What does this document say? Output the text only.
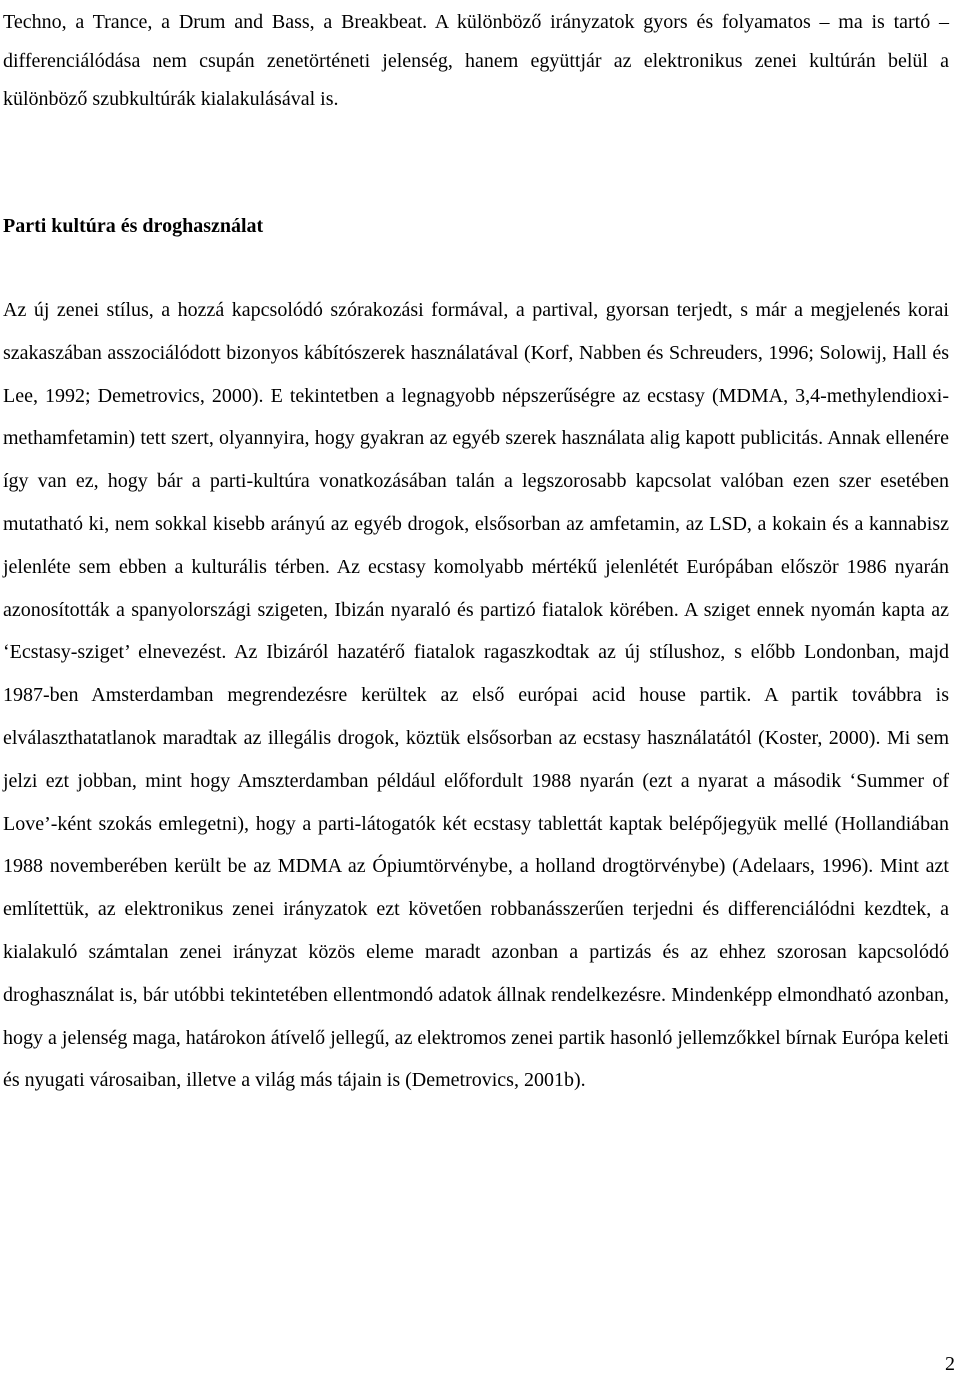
Techno, a Trance, a Drum and Bass, a Breakbeat. A különböző irányzatok gyors és folyamatos – ma is tartó – differenciálódása nem csupán zenetörténeti jelenség, hanem együttjár az elektronikus zenei kultúrán belül a különböző szubkultúrák kialakulásával is.

Parti kultúra és droghasználat

Az új zenei stílus, a hozzá kapcsolódó szórakozási formával, a partival, gyorsan terjedt, s már a megjelenés korai szakaszában asszociálódott bizonyos kábítószerek használatával (Korf, Nabben és Schreuders, 1996; Solowij, Hall és Lee, 1992; Demetrovics, 2000). E tekintetben a legnagyobb népszerűségre az ecstasy (MDMA, 3,4-methylendioxi-methamfetamin) tett szert, olyannyira, hogy gyakran az egyéb szerek használata alig kapott publicitás. Annak ellenére így van ez, hogy bár a parti-kultúra vonatkozásában talán a legszorosabb kapcsolat valóban ezen szer esetében mutatható ki, nem sokkal kisebb arányú az egyéb drogok, elsősorban az amfetamin, az LSD, a kokain és a kannabisz jelenléte sem ebben a kulturális térben. Az ecstasy komolyabb mértékű jelenlétét Európában először 1986 nyarán azonosították a spanyolországi szigeten, Ibizán nyaraló és partizó fiatalok körében. A sziget ennek nyomán kapta az ‘Ecstasy-sziget’ elnevezést. Az Ibizáról hazatérő fiatalok ragaszkodtak az új stílushoz, s előbb Londonban, majd 1987-ben Amsterdamban megrendezésre kerültek az első európai acid house partik. A partik továbbra is elválaszthatatlanok maradtak az illegális drogok, köztük elsősorban az ecstasy használatától (Koster, 2000). Mi sem jelzi ezt jobban, mint hogy Amszterdamban például előfordult 1988 nyarán (ezt a nyarat a második ‘Summer of Love’-ként szokás emlegetni), hogy a parti-látogatók két ecstasy tablettát kaptak belépőjegyük mellé (Hollandiában 1988 novemberében került be az MDMA az Ópiumtörvénybe, a holland drogtörvénybe) (Adelaars, 1996). Mint azt említettük, az elektronikus zenei irányzatok ezt követően robbanásszerűen terjedni és differenciálódni kezdtek, a kialakuló számtalan zenei irányzat közös eleme maradt azonban a partizás és az ehhez szorosan kapcsolódó droghasználat is, bár utóbbi tekintetében ellentmondó adatok állnak rendelkezésre. Mindenképp elmondható azonban, hogy a jelenség maga, határokon átívelő jellegű, az elektromos zenei partik hasonló jellemzőkkel bírnak Európa keleti és nyugati városaiban, illetve a világ más tájain is (Demetrovics, 2001b).

2
